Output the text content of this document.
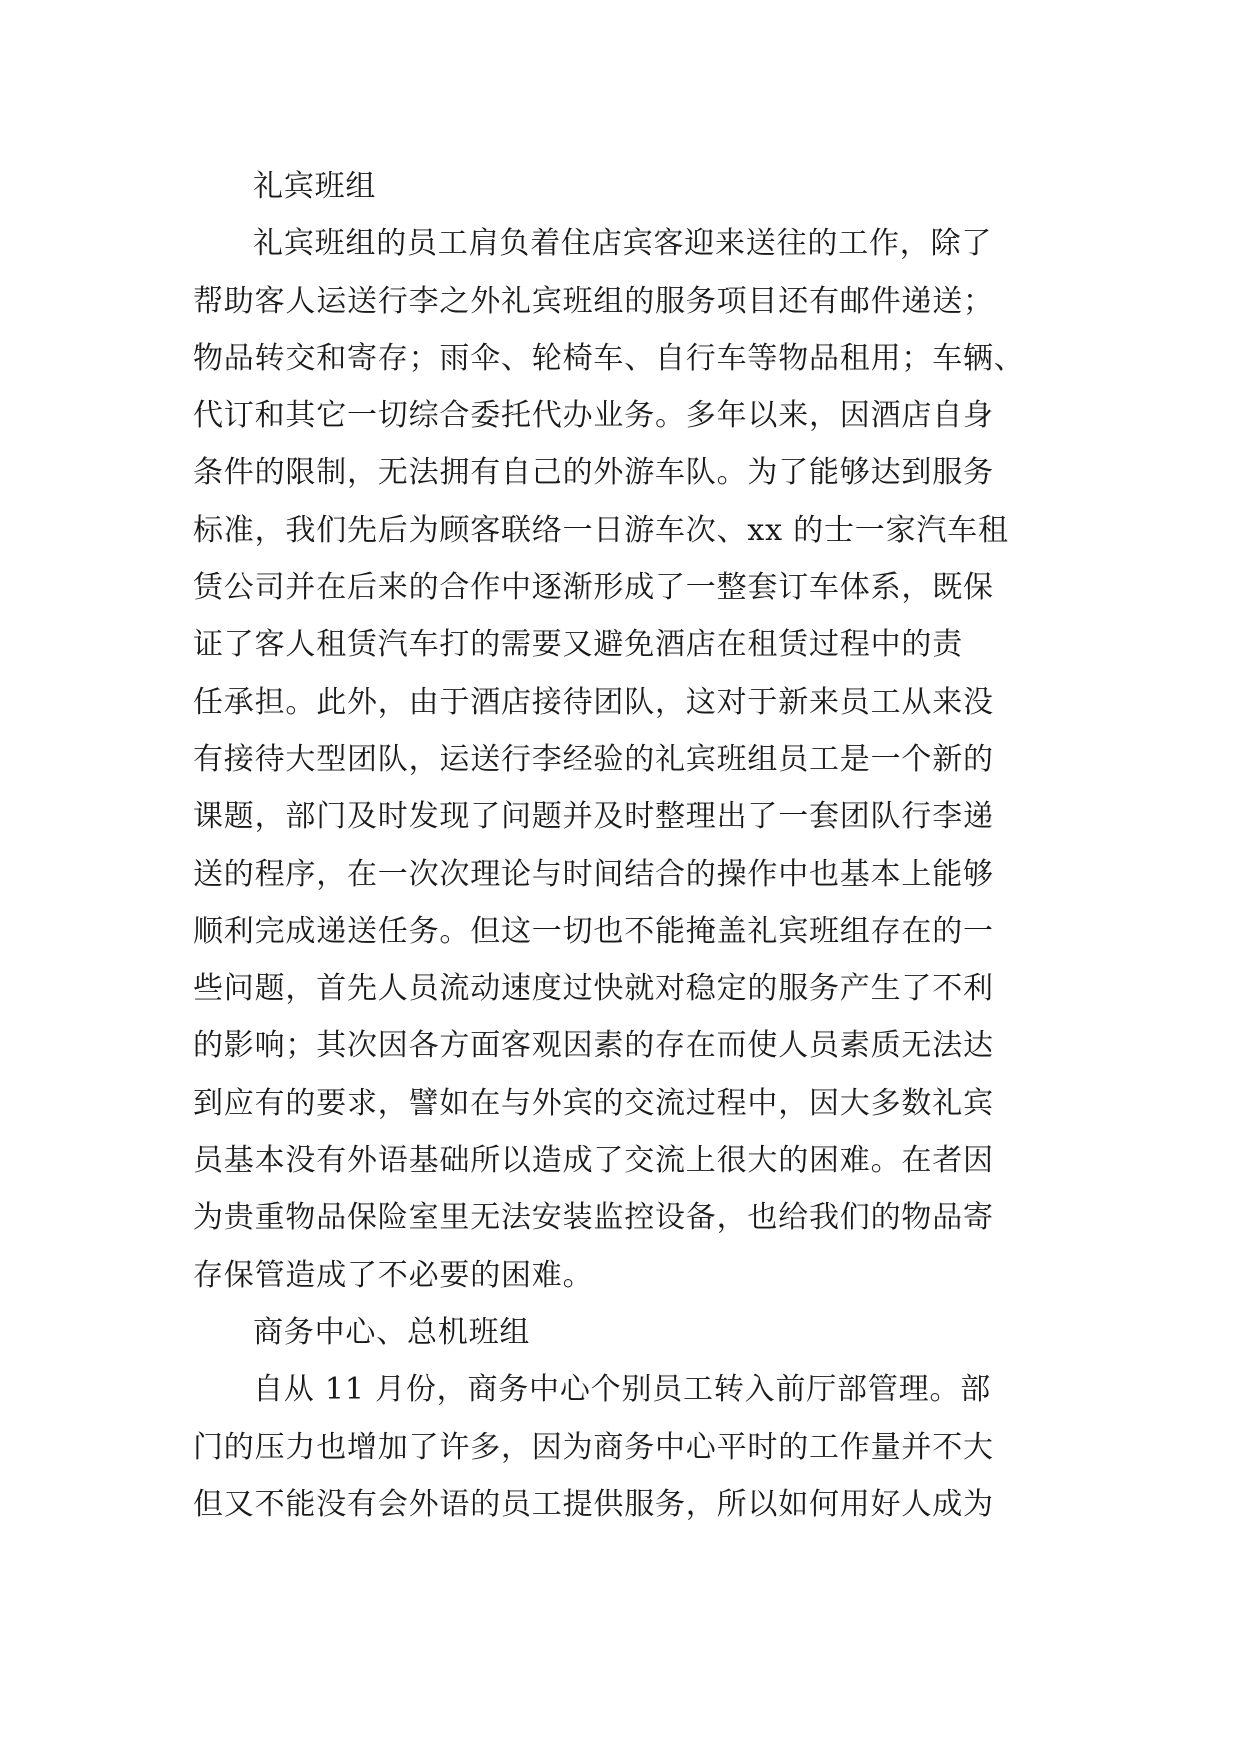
礼宾班组

礼宾班组的员工肩负着住店宾客迎来送往的工作，除了
帮助客人运送行李之外礼宾班组的服务项目还有邮件递送；
物品转交和寄存；雨伞、轮椅车、自行车等物品租用；车辆、
代订和其它一切综合委托代办业务。多年以来，因酒店自身
条件的限制，无法拥有自己的外游车队。为了能够达到服务
标准，我们先后为顾客联络一日游车次、xx 的士一家汽车租
赁公司并在后来的合作中逐渐形成了一整套订车体系，既保
证了客人租赁汽车打的需要又避免酒店在租赁过程中的责
任承担。此外，由于酒店接待团队，这对于新来员工从来没
有接待大型团队，运送行李经验的礼宾班组员工是一个新的
课题，部门及时发现了问题并及时整理出了一套团队行李递
送的程序，在一次次理论与时间结合的操作中也基本上能够
顺利完成递送任务。但这一切也不能掩盖礼宾班组存在的一
些问题，首先人员流动速度过快就对稳定的服务产生了不利
的影响；其次因各方面客观因素的存在而使人员素质无法达
到应有的要求，譬如在与外宾的交流过程中，因大多数礼宾
员基本没有外语基础所以造成了交流上很大的困难。在者因
为贵重物品保险室里无法安装监控设备，也给我们的物品寄
存保管造成了不必要的困难。

商务中心、总机班组

自从 11 月份，商务中心个别员工转入前厅部管理。部
门的压力也增加了许多，因为商务中心平时的工作量并不大
但又不能没有会外语的员工提供服务，所以如何用好人成为
